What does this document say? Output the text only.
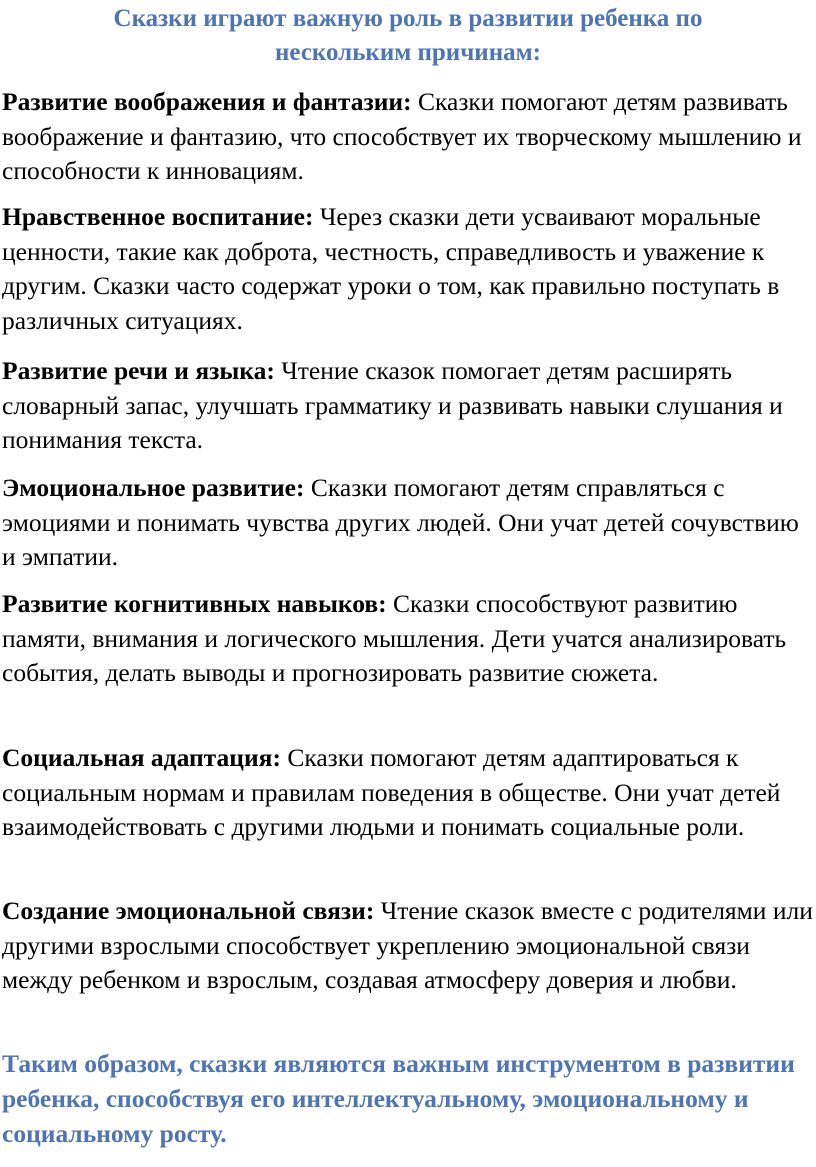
Сказки играют важную роль в развитии ребенка по
нескольким причинам:

Развитие воображения и фантазии: Сказки помогают детям развивать воображение и фантазию, что способствует их творческому мышлению и способности к инновациям.

Нравственное воспитание: Через сказки дети усваивают моральные ценности, такие как доброта, честность, справедливость и уважение к другим. Сказки часто содержат уроки о том, как правильно поступать в различных ситуациях.

Развитие речи и языка: Чтение сказок помогает детям расширять словарный запас, улучшать грамматику и развивать навыки слушания и понимания текста.

Эмоциональное развитие: Сказки помогают детям справляться с эмоциями и понимать чувства других людей. Они учат детей сочувствию и эмпатии.

Развитие когнитивных навыков: Сказки способствуют развитию памяти, внимания и логического мышления. Дети учатся анализировать события, делать выводы и прогнозировать развитие сюжета.

Социальная адаптация: Сказки помогают детям адаптироваться к социальным нормам и правилам поведения в обществе. Они учат детей взаимодействовать с другими людьми и понимать социальные роли.

Создание эмоциональной связи: Чтение сказок вместе с родителями или другими взрослыми способствует укреплению эмоциональной связи между ребенком и взрослым, создавая атмосферу доверия и любви.

Таким образом, сказки являются важным инструментом в развитии ребенка, способствуя его интеллектуальному, эмоциональному и социальному росту.
